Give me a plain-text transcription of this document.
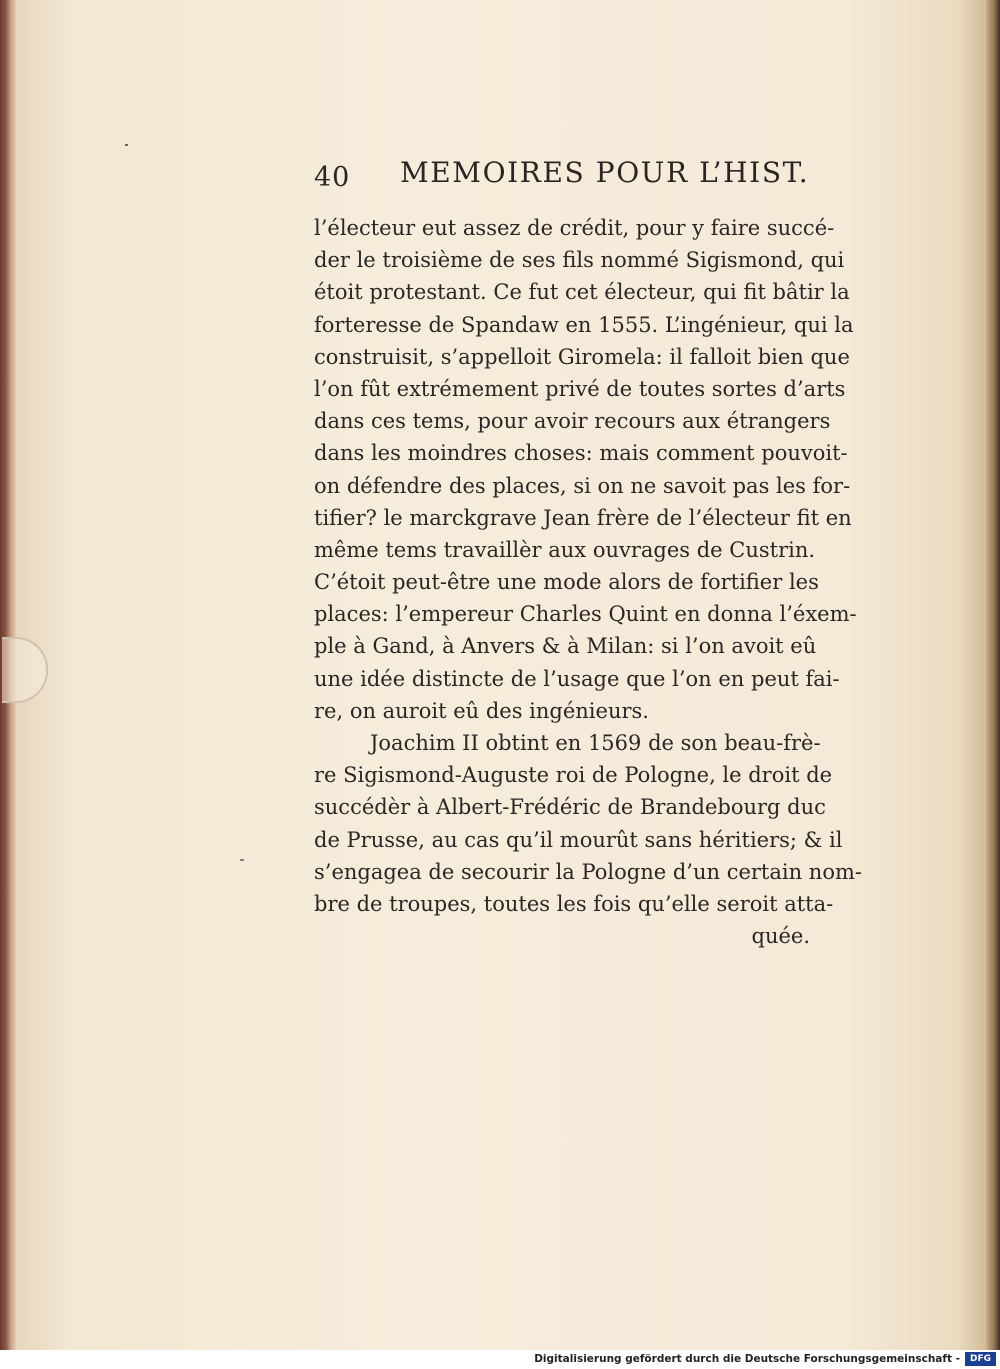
40 MEMOIRES POUR L’HIST.
l’électeur eut assez de crédit, pour y faire succé-
der le troisième de ses fils nommé Sigismond, qui
étoit protestant. Ce fut cet électeur, qui fit bâtir la
forteresse de Spandaw en 1555. L’ingénieur, qui la
construisit, s’appelloit Giromela: il falloit bien que
l’on fût extrémement privé de toutes sortes d’arts
dans ces tems, pour avoir recours aux étrangers
dans les moindres choses: mais comment pouvoit-
on défendre des places, si on ne savoit pas les for-
tifier? le marckgrave Jean frère de l’électeur fit en
même tems travaillèr aux ouvrages de Custrin.
C’étoit peut-être une mode alors de fortifier les
places: l’empereur Charles Quint en donna l’éxem-
ple à Gand, à Anvers & à Milan: si l’on avoit eû
une idée distincte de l’usage que l’on en peut fai-
re, on auroit eû des ingénieurs.
Joachim II obtint en 1569 de son beau-frè-
re Sigismond-Auguste roi de Pologne, le droit de
succédèr à Albert-Frédéric de Brandebourg duc
de Prusse, au cas qu’il mourût sans héritiers; & il
s’engagea de secourir la Pologne d’un certain nom-
bre de troupes, toutes les fois qu’elle seroit atta-
quée.
Digitalisierung gefördert durch die Deutsche Forschungsgemeinschaft -	DFG
